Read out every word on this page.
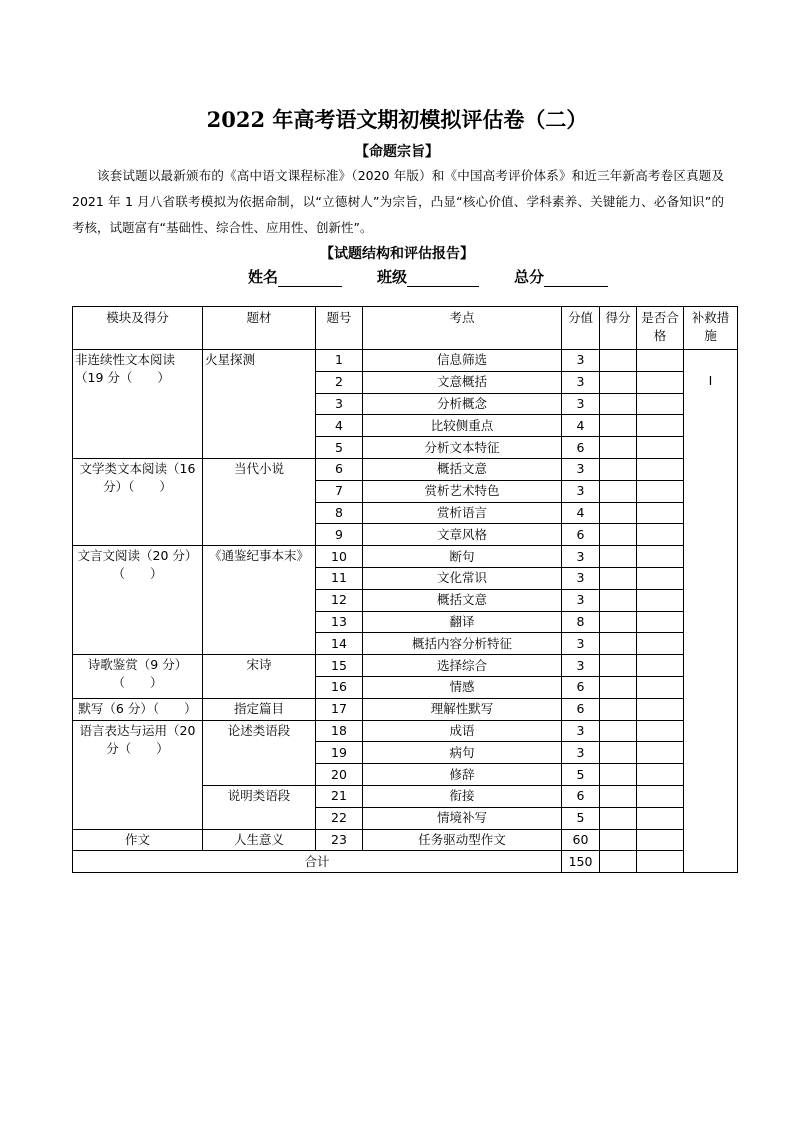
2022 年高考语文期初模拟评估卷（二）
【命题宗旨】
该套试题以最新颁布的《高中语文课程标准》（2020 年版）和《中国高考评价体系》和近三年新高考卷区真题及 2021 年 1 月八省联考模拟为依据命制，以“立德树人”为宗旨，凸显“核心价值、学科素养、关键能力、必备知识”的考核，试题富有“基础性、综合性、应用性、创新性”。
【试题结构和评估报告】
姓名	班级	总分
模块及得分	题材	题号	考点	分值	得分	是否合格	补救措施
非连续性文本阅读（19 分（　　）	火星探测	1	信息筛选	3			I

		2	文意概括	3			
		3	分析概念	3			
		4	比较侧重点	4			
		5	分析文本特征	6			
文学类文本阅读（16 分）（　　）	当代小说	6	概括文意	3			
		7	赏析艺术特色	3			
		8	赏析语言	4			
		9	文章风格	6			
文言文阅读（20 分）（　　）	《通鉴纪事本末》	10	断句	3			
		11	文化常识	3			
		12	概括文意	3			
		13	翻译	8			
		14	概括内容分析特征	3			
诗歌鉴赏（9 分）（　　）	宋诗	15	选择综合	3			
		16	情感	6			
默写（6 分）（　　）	指定篇目	17	理解性默写	6			
语言表达与运用（20 分（　　）	论述类语段	18	成语	3			
		19	病句	3			
		20	修辞	5			
	说明类语段	21	衔接	6			
		22	情境补写	5			
作文	人生意义	23	任务驱动型作文	60			
合计				150			
